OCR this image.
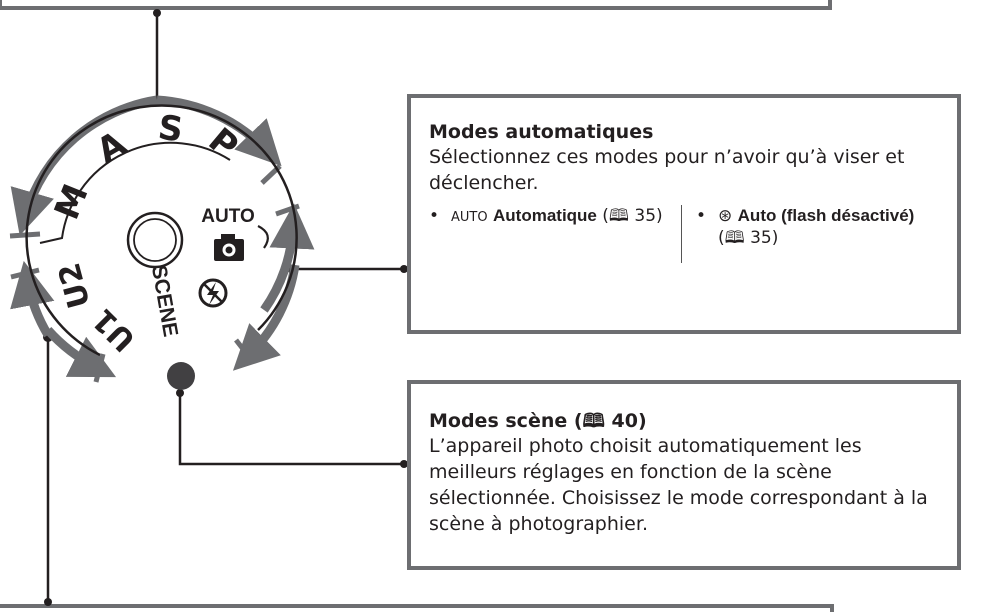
P
S
A
M
U2
U1 SCENE
AUTO
Modes automatiques
Sélectionnez ces modes pour n’avoir qu’à viser et déclencher.
• AUTO Automatique (🕮 35) • ⊛ Auto (flash désactivé)
(🕮 35)
Modes scène (🕮 40)
L’appareil photo choisit automatiquement les meilleurs réglages en fonction de la scène sélectionnée. Choisissez le mode correspondant à la scène à photographier.
